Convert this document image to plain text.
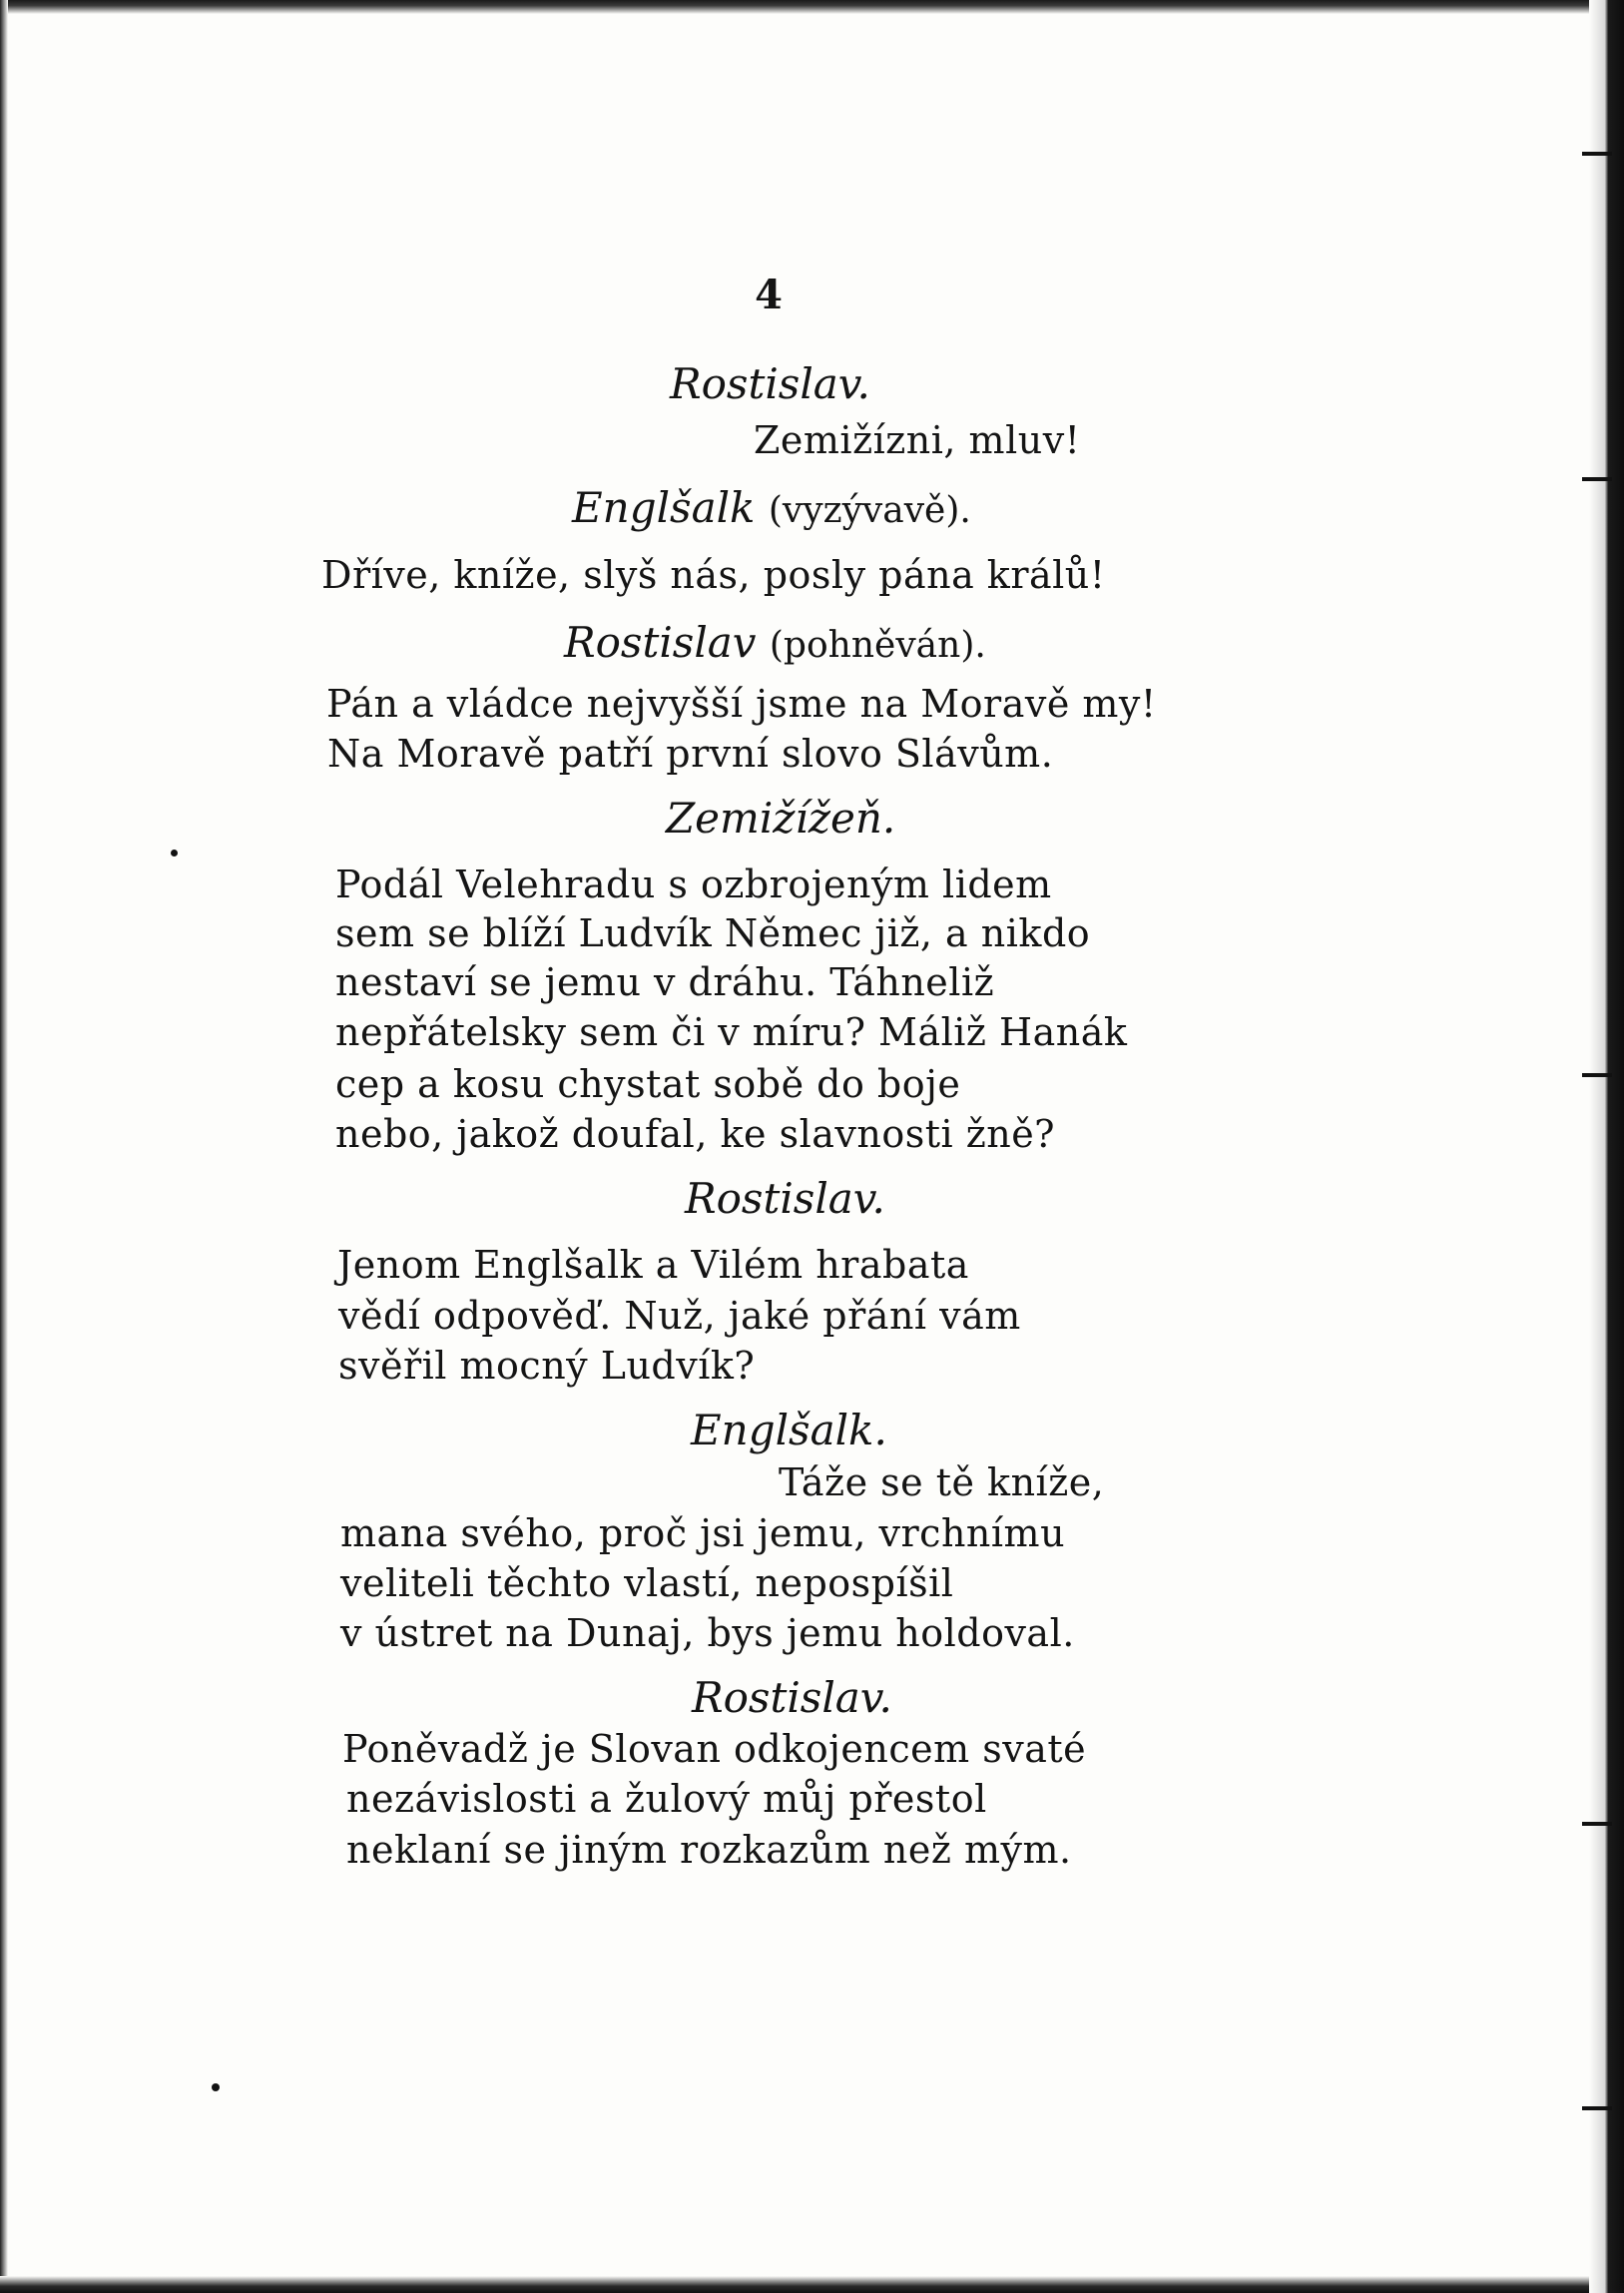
4
Rostislav.
Zemižízni, mluv!
Englšalk (vyzývavě).
Dříve, kníže, slyš nás, posly pána králů!
Rostislav (pohněván).
Pán a vládce nejvyšší jsme na Moravě my!
Na Moravě patří první slovo Slávům.
Zemižížeň.
Podál Velehradu s ozbrojeným lidem
sem se blíží Ludvík Němec již, a nikdo
nestaví se jemu v dráhu. Táhneliž
nepřátelsky sem či v míru? Máliž Hanák
cep a kosu chystat sobě do boje
nebo, jakož doufal, ke slavnosti žně?
Rostislav.
Jenom Englšalk a Vilém hrabata
vědí odpověď. Nuž, jaké přání vám
svěřil mocný Ludvík?
Englšalk.
Táže se tě kníže,
mana svého, proč jsi jemu, vrchnímu
veliteli těchto vlastí, nepospíšil
v ústret na Dunaj, bys jemu holdoval.
Rostislav.
Poněvadž je Slovan odkojencem svaté
nezávislosti a žulový můj přestol
neklaní se jiným rozkazům než mým.
